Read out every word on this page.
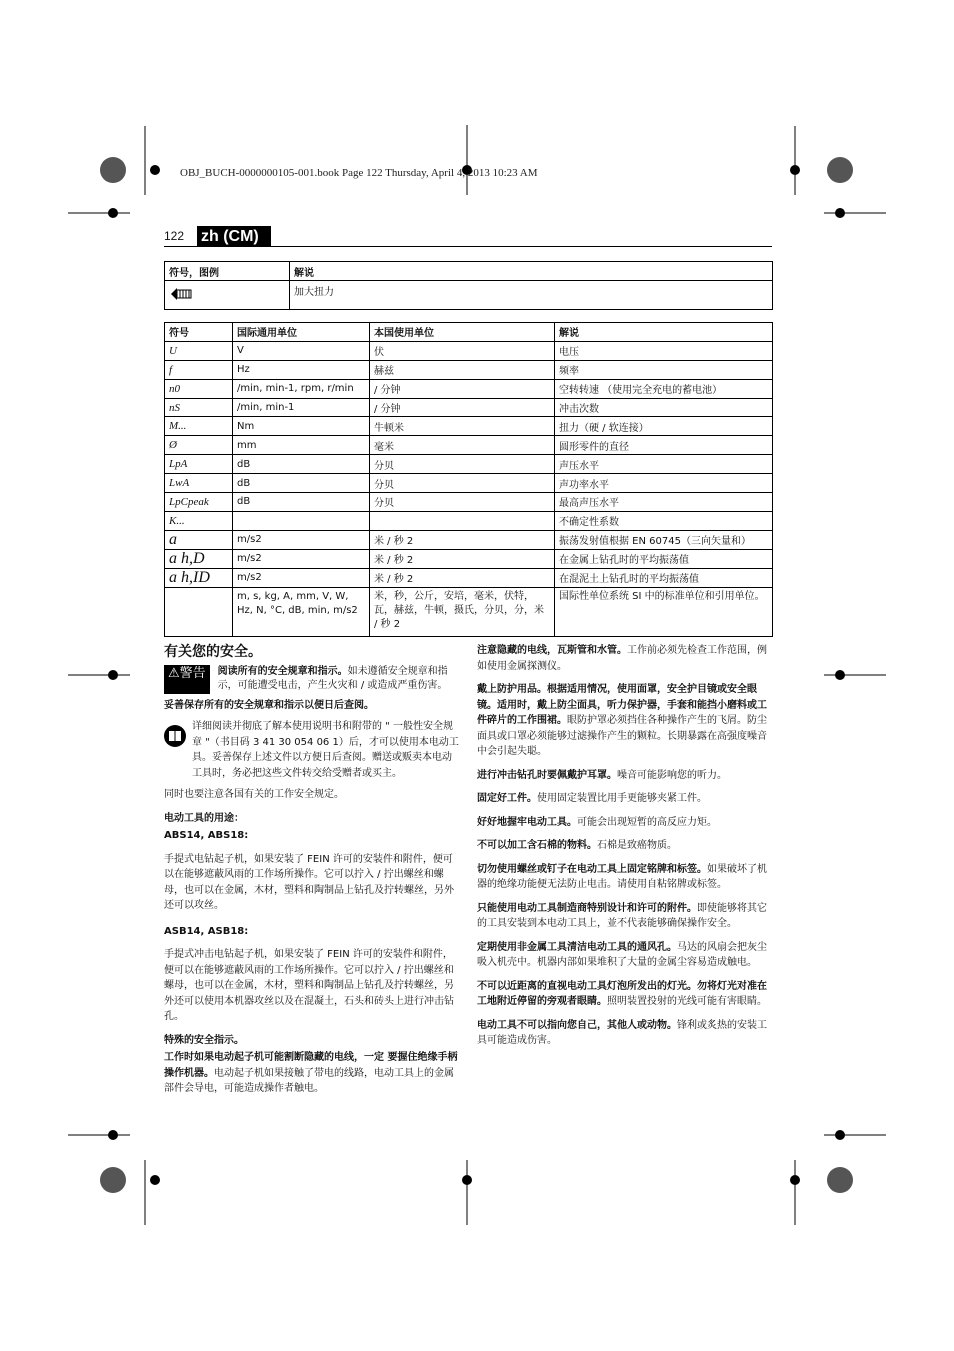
OBJ_BUCH-0000000105-001.book Page 122 Thursday, April 4, 2013 10:23 AM
122 zh (CM)
符号，图例	解说
	加大扭力
符号	国际通用单位	本国使用单位	解说
U	V	伏	电压
f	Hz	赫兹	频率
n0	/min, min-1, rpm, r/min	/ 分钟	空转转速 （使用完全充电的蓄电池）
nS	/min, min-1	/ 分钟	冲击次数
M...	Nm	牛顿米	扭力（硬 / 软连接）
Ø	mm	毫米	圆形零件的直径
LpA	dB	分贝	声压水平
LwA	dB	分贝	声功率水平
LpCpeak	dB	分贝	最高声压水平
K...			不确定性系数
a	m/s2	米 / 秒 2	振荡发射值根据 EN 60745（三向矢量和）
a h,D	m/s2	米 / 秒 2	在金属上钻孔时的平均振荡值
a h,ID	m/s2	米 / 秒 2	在混泥土上钻孔时的平均振荡值
	m, s, kg, A, mm, V, W, Hz, N, °C, dB, min, m/s2	米，秒，公斤，安培，毫米，伏特，瓦，赫兹，牛顿，摄氏，分贝，分，米 / 秒 2	国际性单位系统 SI 中的标准单位和引用单位。
有关您的安全。
⚠警告	阅读所有的安全规章和指示。如未遵循安全规章和指示，可能遭受电击，产生火灾和 / 或造成严重伤害。

妥善保存所有的安全规章和指示以便日后查阅。

详细阅读并彻底了解本使用说明书和附带的 " 一般性安全规章 "（书目码 3 41 30 054 06 1）后，才可以使用本电动工具。妥善保存上述文件以方便日后查阅。赠送或贩卖本电动工具时，务必把这些文件转交给受赠者或买主。

同时也要注意各国有关的工作安全规定。

电动工具的用途：

ABS14, ABS18:

手提式电钻起子机，如果安装了 FEIN 许可的安装件和附件，便可以在能够遮蔽风雨的工作场所操作。它可以拧入 / 拧出螺丝和螺母，也可以在金属，木材，塑料和陶制品上钻孔及拧转螺丝，另外还可以攻丝。

ASB14, ASB18:

手提式冲击电钻起子机，如果安装了 FEIN 许可的安装件和附件，便可以在能够遮蔽风雨的工作场所操作。它可以拧入 / 拧出螺丝和螺母，也可以在金属，木材，塑料和陶制品上钻孔及拧转螺丝，另外还可以使用本机器攻丝以及在混凝土，石头和砖头上进行冲击钻孔。

特殊的安全指示。

工作时如果电动起子机可能割断隐藏的电线，一定 要握住绝缘手柄操作机器。电动起子机如果接触了带电的线路，电动工具上的金属部件会导电，可能造成操作者触电。

注意隐藏的电线，瓦斯管和水管。工作前必须先检查工作范围，例如使用金属探测仪。

戴上防护用品。根据适用情况，使用面罩，安全护目镜或安全眼镜。适用时，戴上防尘面具，听力保护器，手套和能挡小磨料或工件碎片的工作围裙。眼防护罩必须挡住各种操作产生的飞屑。防尘面具或口罩必须能够过滤操作产生的颗粒。长期暴露在高强度噪音中会引起失聪。

进行冲击钻孔时要佩戴护耳罩。噪音可能影响您的听力。

固定好工件。使用固定装置比用手更能够夹紧工件。

好好地握牢电动工具。可能会出现短暂的高反应力矩。

不可以加工含石棉的物料。石棉是致癌物质。

切勿使用螺丝或钉子在电动工具上固定铭牌和标签。如果破坏了机器的绝缘功能便无法防止电击。请使用自粘铭牌或标签。

只能使用电动工具制造商特别设计和许可的附件。即使能够将其它的工具安装到本电动工具上，並不代表能够确保操作安全。

定期使用非金属工具清洁电动工具的通风孔。马达的风扇会把灰尘吸入机壳中。机器内部如果堆积了大量的金属尘容易造成触电。

不可以近距离的直视电动工具灯泡所发出的灯光。勿将灯光对准在工地附近停留的旁观者眼睛。照明装置投射的光线可能有害眼睛。

电动工具不可以指向您自己，其他人或动物。锋利或炙热的安装工具可能造成伤害。
